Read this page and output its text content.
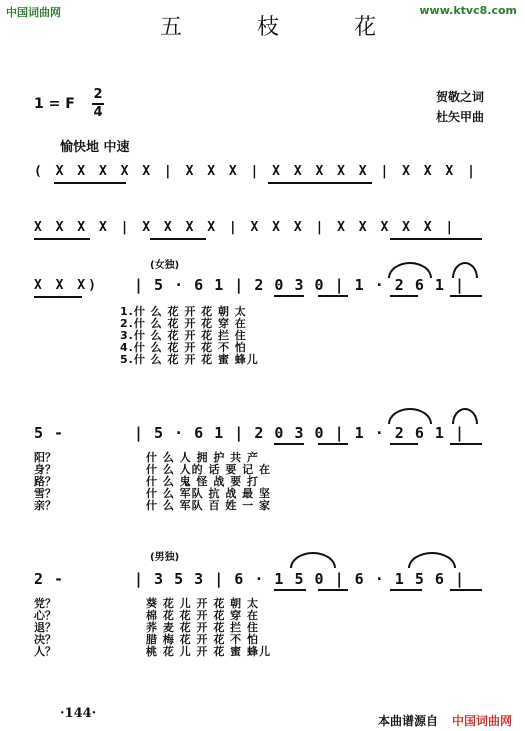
中国词曲网	www.ktvc8.com
五 枝 花
1 = F
2
4
贺敬之词
杜矢甲曲
愉快地 中速
( X X X X X | X X X | X X X X X | X X X |
X X X X | X X X X | X X X | X X X X X |
(女独)
X X X) | 5 · 6 1 | 2 0 3 0 | 1 · 2 6 1 |
1.什 么 花 开 花 朝 太
2.什 么 花 开 花 穿 在
3.什 么 花 开 花 拦 住
4.什 么 花 开 花 不 怕
5.什 么 花 开 花 蜜 蜂儿
5 -	| 5 · 6 1 | 2 0 3 0 | 1 · 2 6 1 |
阳？
身？
路？
雪？
亲？
什 么 人 拥 护 共 产
什 么 人的 话 要 记 在
什 么 鬼 怪 战 要 打
什 么 军队 抗 战 最 坚
什 么 军队 百 姓 一 家
(男独)
2 -	| 3 5 3 | 6 · 1 5 0 | 6 · 1 5 6 |
党？
心？
退？
决？
人？
葵 花 儿 开 花 朝 太
棉 花 花 开 花 穿 在
荞 麦 花 开 花 拦 住
腊 梅 花 开 花 不 怕
桃 花 儿 开 花 蜜 蜂儿
·144·	本曲谱源自 中国词曲网
